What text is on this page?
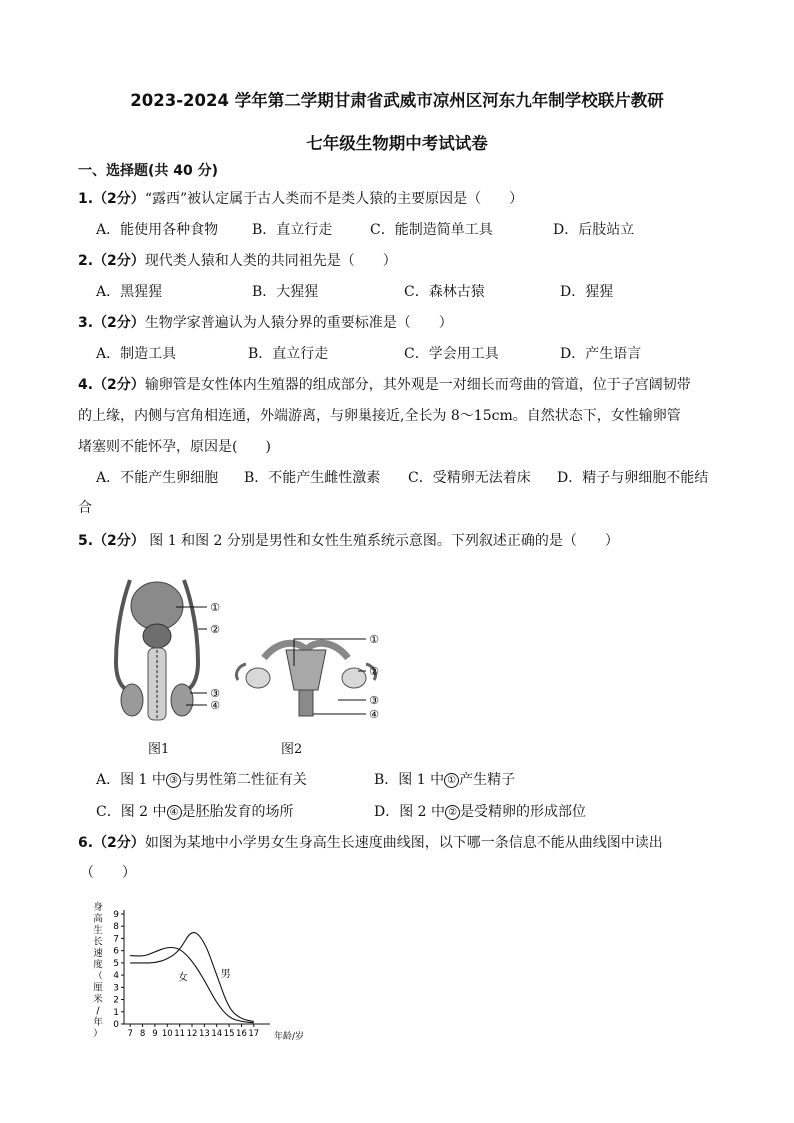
2023-2024 学年第二学期甘肃省武威市凉州区河东九年制学校联片教研
七年级生物期中考试试卷
一、选择题(共 40 分)
1.（2分）“露西”被认定属于古人类而不是类人猿的主要原因是（　　）
A．能使用各种食物 B．直立行走	C．能制造简单工具	D．后肢站立
2.（2分）现代类人猿和人类的共同祖先是（　　）
A．黑猩猩	B．大猩猩	C．森林古猿	D．猩猩
3.（2分）生物学家普遍认为人猿分界的重要标准是（　　）
A．制造工具	B．直立行走	C．学会用工具	D．产生语言
4.（2分）输卵管是女性体内生殖器的组成部分，其外观是一对细长而弯曲的管道，位于子宫阔韧带
的上缘，内侧与宫角相连通，外端游离，与卵巢接近,全长为 8～15cm。自然状态下，女性输卵管
堵塞则不能怀孕，原因是(　　)
A．不能产生卵细胞 B．不能产生雌性激素 C．受精卵无法着床 D．精子与卵细胞不能结
合
5.（2分） 图 1 和图 2 分别是男性和女性生殖系统示意图。下列叙述正确的是（　　）
①
②
③
④
图1
①
②
③
④
图2
A．图 1 中 ③ 与男性第二性征有关	B．图 1 中 ① 产生精子
C．图 2 中 ④ 是胚胎发育的场所	D．图 2 中 ② 是受精卵的形成部位
6.（2分）如图为某地中小学男女生身高生长速度曲线图，以下哪一条信息不能从曲线图中读出
（　　）
身
高
生
长
速
度
（
厘
米
/
年
）
0
1
2
3
4
5
6
7
8
9
7 8 9 10 11 12 13 14 15 16 17
男
女
年龄/岁
